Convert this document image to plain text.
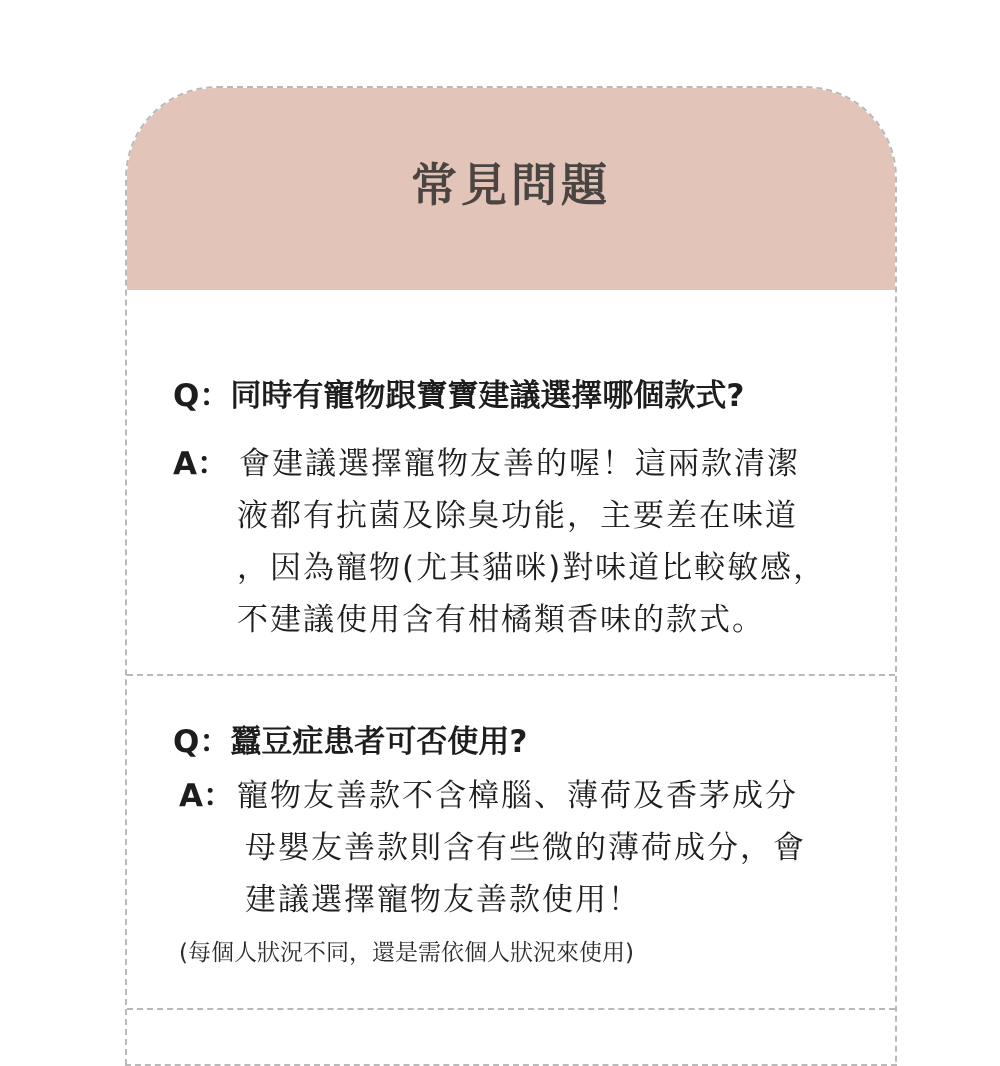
常見問題
Q：同時有寵物跟寶寶建議選擇哪個款式?
A： 會建議選擇寵物友善的喔！這兩款清潔
液都有抗菌及除臭功能，主要差在味道
，因為寵物(尤其貓咪)對味道比較敏感，
不建議使用含有柑橘類香味的款式。
Q：蠶豆症患者可否使用?
A： 寵物友善款不含樟腦、薄荷及香茅成分
母嬰友善款則含有些微的薄荷成分，會
建議選擇寵物友善款使用！
(每個人狀況不同，還是需依個人狀況來使用)
